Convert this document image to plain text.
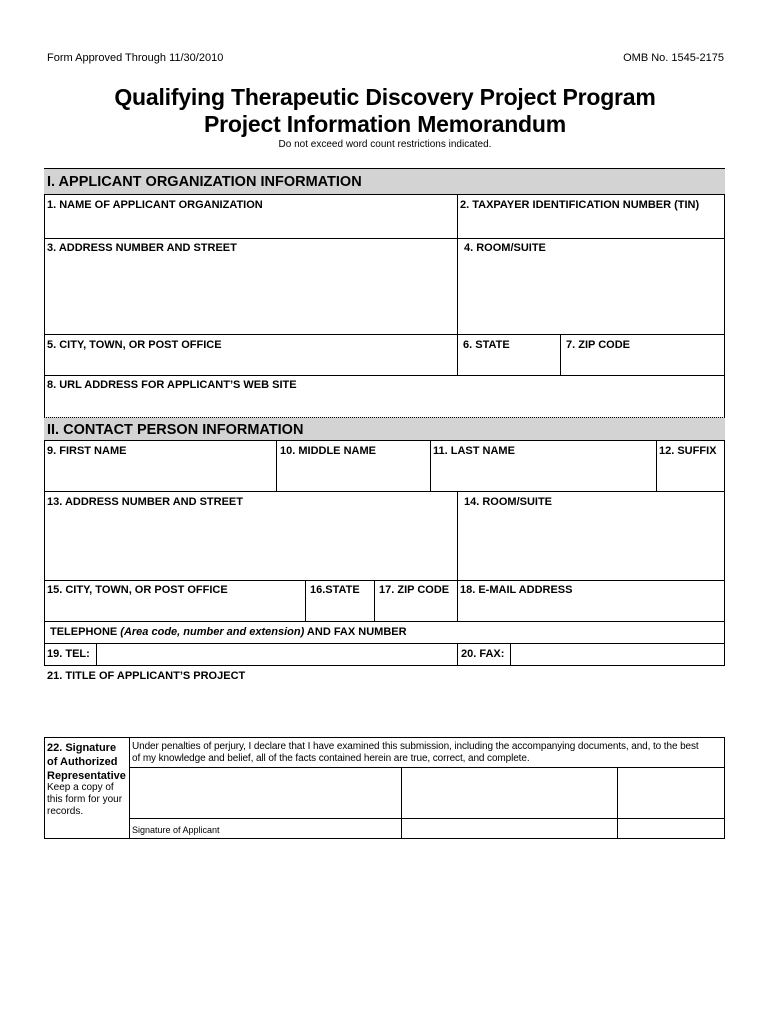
Form Approved Through 11/30/2010	OMB No. 1545-2175
Qualifying Therapeutic Discovery Project Program
Project Information Memorandum
Do not exceed word count restrictions indicated.
I. APPLICANT ORGANIZATION INFORMATION
1. NAME OF APPLICANT ORGANIZATION	2. TAXPAYER IDENTIFICATION NUMBER (TIN)
3. ADDRESS NUMBER AND STREET	4. ROOM/SUITE
5. CITY, TOWN, OR POST OFFICE	6. STATE	7. ZIP CODE
8. URL ADDRESS FOR APPLICANT’S WEB SITE
II. CONTACT PERSON INFORMATION
9. FIRST NAME	10. MIDDLE NAME	11. LAST NAME	12. SUFFIX
13. ADDRESS NUMBER AND STREET	14. ROOM/SUITE
15. CITY, TOWN, OR POST OFFICE	16.STATE 17. ZIP CODE 18. E-MAIL ADDRESS
TELEPHONE (Area code, number and extension) AND FAX NUMBER
19. TEL:	20. FAX:
21. TITLE OF APPLICANT’S PROJECT
22. Signature
of Authorized
Representative
Keep a copy of
this form for your
records.
Under penalties of perjury, I declare that I have examined this submission, including the accompanying documents, and, to the best
of my knowledge and belief, all of the facts contained herein are true, correct, and complete.
Signature of Applicant
